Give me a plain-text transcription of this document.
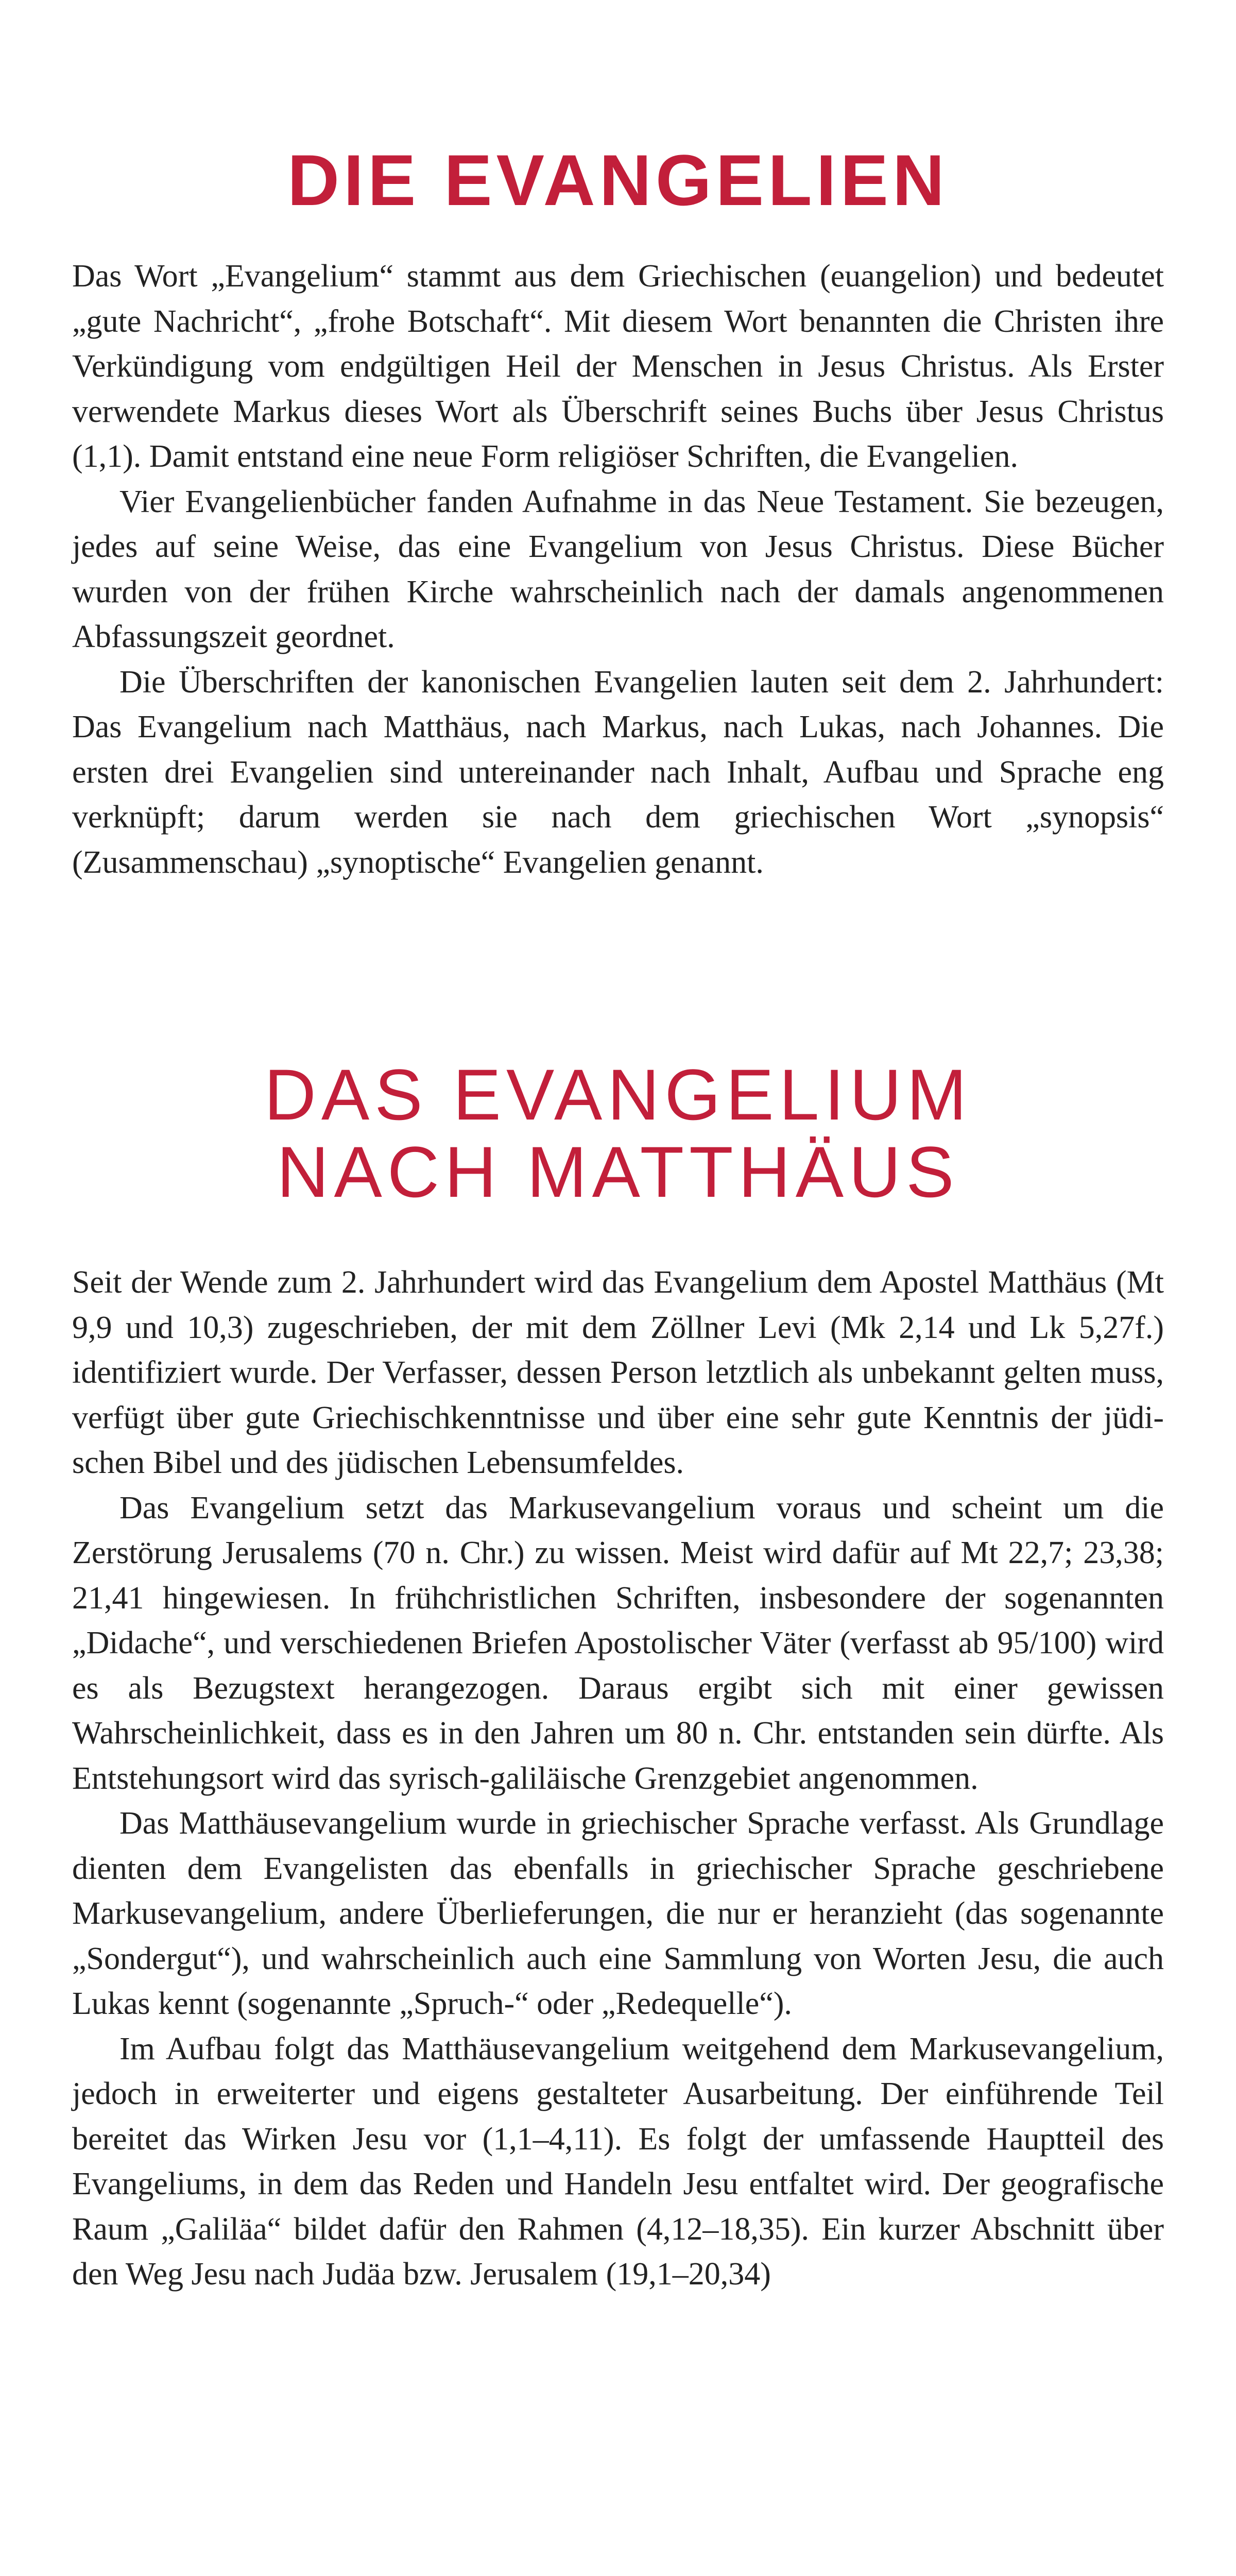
DIE EVANGELIEN

Das Wort „Evangelium“ stammt aus dem Griechischen (euangelion) und bedeutet „gute Nachricht“, „frohe Botschaft“. Mit diesem Wort benannten die Christen ihre Verkündigung vom endgültigen Heil der Menschen in Jesus Christus. Als Erster verwendete Markus dieses Wort als Überschrift seines Buchs über Jesus Christus (1,1). Damit entstand eine neue Form religiöser Schriften, die Evangelien.

Vier Evangelienbücher fanden Aufnahme in das Neue Testament. Sie bezeugen, jedes auf seine Weise, das eine Evangelium von Jesus Christus. Diese Bücher wurden von der frühen Kirche wahrscheinlich nach der damals angenommenen Abfassungszeit geordnet.

Die Überschriften der kanonischen Evangelien lauten seit dem 2. Jahrhundert: Das Evangelium nach Matthäus, nach Markus, nach Lukas, nach Johannes. Die ersten drei Evangelien sind untereinander nach Inhalt, Aufbau und Sprache eng verknüpft; darum werden sie nach dem griechischen Wort „synopsis“ (Zusammenschau) „synoptische“ Evangelien genannt.

DAS EVANGELIUM
NACH MATTHÄUS

Seit der Wende zum 2. Jahrhundert wird das Evangelium dem Apostel Matthäus (Mt 9,9 und 10,3) zugeschrieben, der mit dem Zöllner Levi (Mk 2,14 und Lk 5,27f.) identifiziert wurde. Der Verfasser, dessen Person letztlich als unbekannt gelten muss, verfügt über gute Griechischkenntnisse und über eine sehr gute Kenntnis der jüdischen Bibel und des jüdischen Lebensumfeldes.

Das Evangelium setzt das Markusevangelium voraus und scheint um die Zerstörung Jerusalems (70 n. Chr.) zu wissen. Meist wird dafür auf Mt 22,7; 23,38; 21,41 hingewiesen. In frühchristlichen Schriften, insbesondere der sogenannten „Didache“, und verschiedenen Briefen Apostolischer Väter (verfasst ab 95/100) wird es als Bezugstext herangezogen. Daraus ergibt sich mit einer gewissen Wahrscheinlichkeit, dass es in den Jahren um 80 n. Chr. entstanden sein dürfte. Als Entstehungsort wird das syrisch-galiläische Grenzgebiet angenommen.

Das Matthäusevangelium wurde in griechischer Sprache verfasst. Als Grundlage dienten dem Evangelisten das ebenfalls in griechischer Sprache geschriebene Markusevangelium, andere Überlieferungen, die nur er heranzieht (das sogenannte „Sondergut“), und wahrscheinlich auch eine Sammlung von Worten Jesu, die auch Lukas kennt (sogenannte „Spruch-“ oder „Redequelle“).

Im Aufbau folgt das Matthäusevangelium weitgehend dem Markusevangelium, jedoch in erweiterter und eigens gestalteter Ausarbeitung. Der einführende Teil bereitet das Wirken Jesu vor (1,1–4,11). Es folgt der umfassende Hauptteil des Evangeliums, in dem das Reden und Handeln Jesu entfaltet wird. Der geografische Raum „Galiläa“ bildet dafür den Rahmen (4,12–18,35). Ein kurzer Abschnitt über den Weg Jesu nach Judäa bzw. Jerusalem (19,1–20,34)
